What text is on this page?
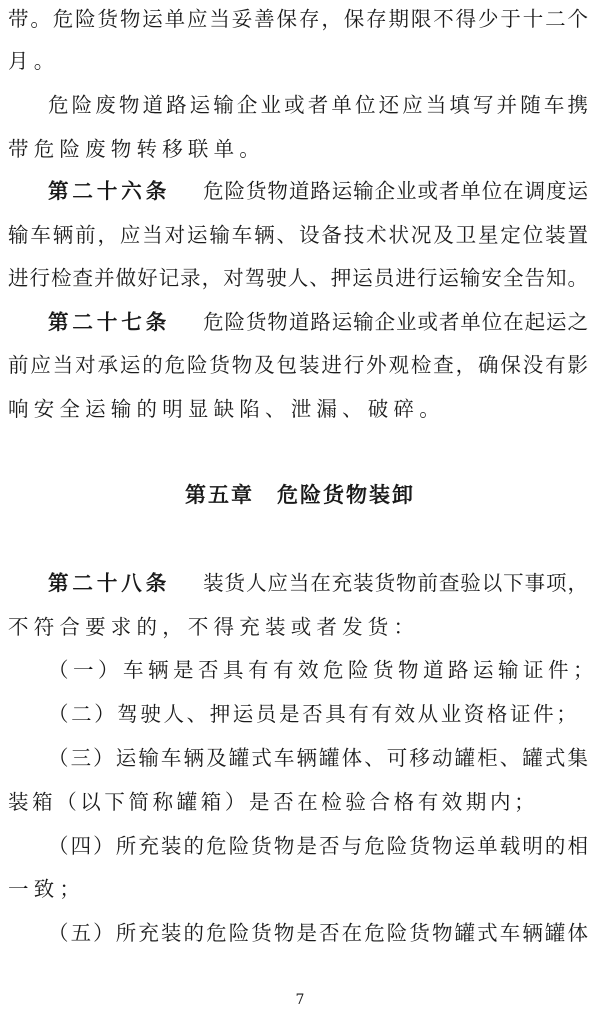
带。危险货物运单应当妥善保存，保存期限不得少于十二个
月。
危险废物道路运输企业或者单位还应当填写并随车携
带危险废物转移联单。
第二十六条 危险货物道路运输企业或者单位在调度运
输车辆前，应当对运输车辆、设备技术状况及卫星定位装置
进行检查并做好记录，对驾驶人、押运员进行运输安全告知。
第二十七条 危险货物道路运输企业或者单位在起运之
前应当对承运的危险货物及包装进行外观检查，确保没有影
响安全运输的明显缺陷、泄漏、破碎。
第五章　危险货物装卸
第二十八条 装货人应当在充装货物前查验以下事项，
不符合要求的，不得充装或者发货：
（一）车辆是否具有有效危险货物道路运输证件；
（二）驾驶人、押运员是否具有有效从业资格证件；
（三）运输车辆及罐式车辆罐体、可移动罐柜、罐式集
装箱（以下简称罐箱）是否在检验合格有效期内；
（四）所充装的危险货物是否与危险货物运单载明的相
一致；
（五）所充装的危险货物是否在危险货物罐式车辆罐体
7
